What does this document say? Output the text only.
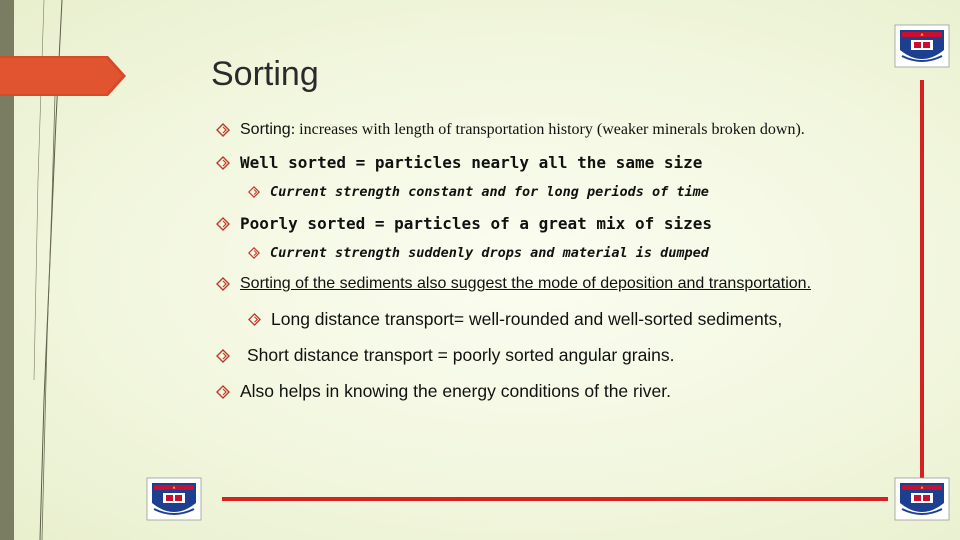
Sorting
Sorting : increases with length of transportation history (weaker minerals broken down).
Well sorted = particles nearly all the same size
Current strength constant and for long periods of time
Poorly sorted = particles of a great mix of sizes
Current strength suddenly drops and material is dumped
Sorting of the sediments also suggest the mode of deposition and transportation.
Long distance transport= well-rounded and well-sorted sediments,
Short distance transport = poorly sorted angular grains.
Also helps in knowing the energy conditions of the river.
